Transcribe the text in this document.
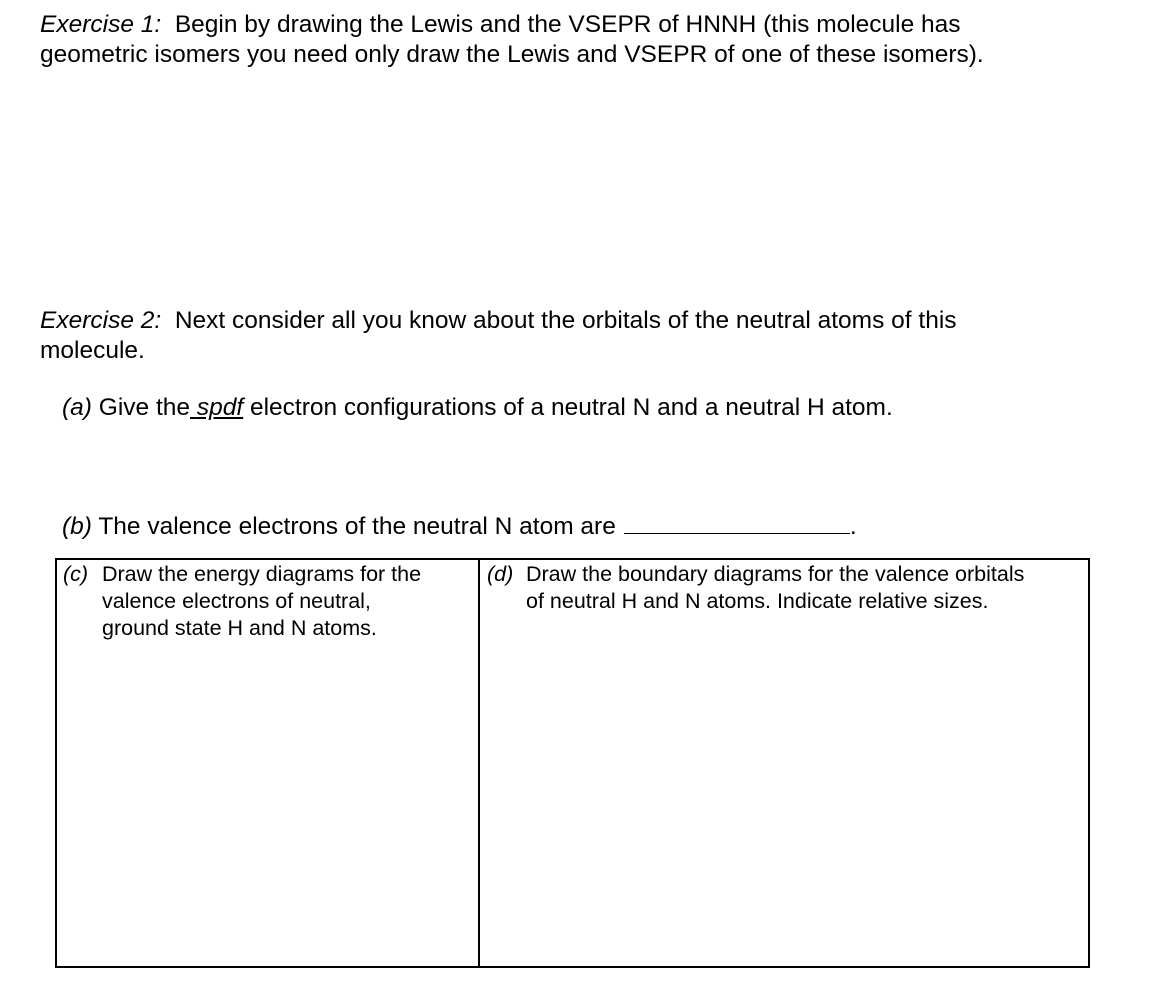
Exercise 1: Begin by drawing the Lewis and the VSEPR of HNNH (this molecule has
geometric isomers you need only draw the Lewis and VSEPR of one of these isomers).
Exercise 2: Next consider all you know about the orbitals of the neutral atoms of this
molecule.
(a) Give the spdf electron configurations of a neutral N and a neutral H atom.
(b) The valence electrons of the neutral N atom are	.
(c) Draw the energy diagrams for the
valence electrons of neutral,
ground state H and N atoms.
(d) Draw the boundary diagrams for the valence orbitals
of neutral H and N atoms. Indicate relative sizes.
